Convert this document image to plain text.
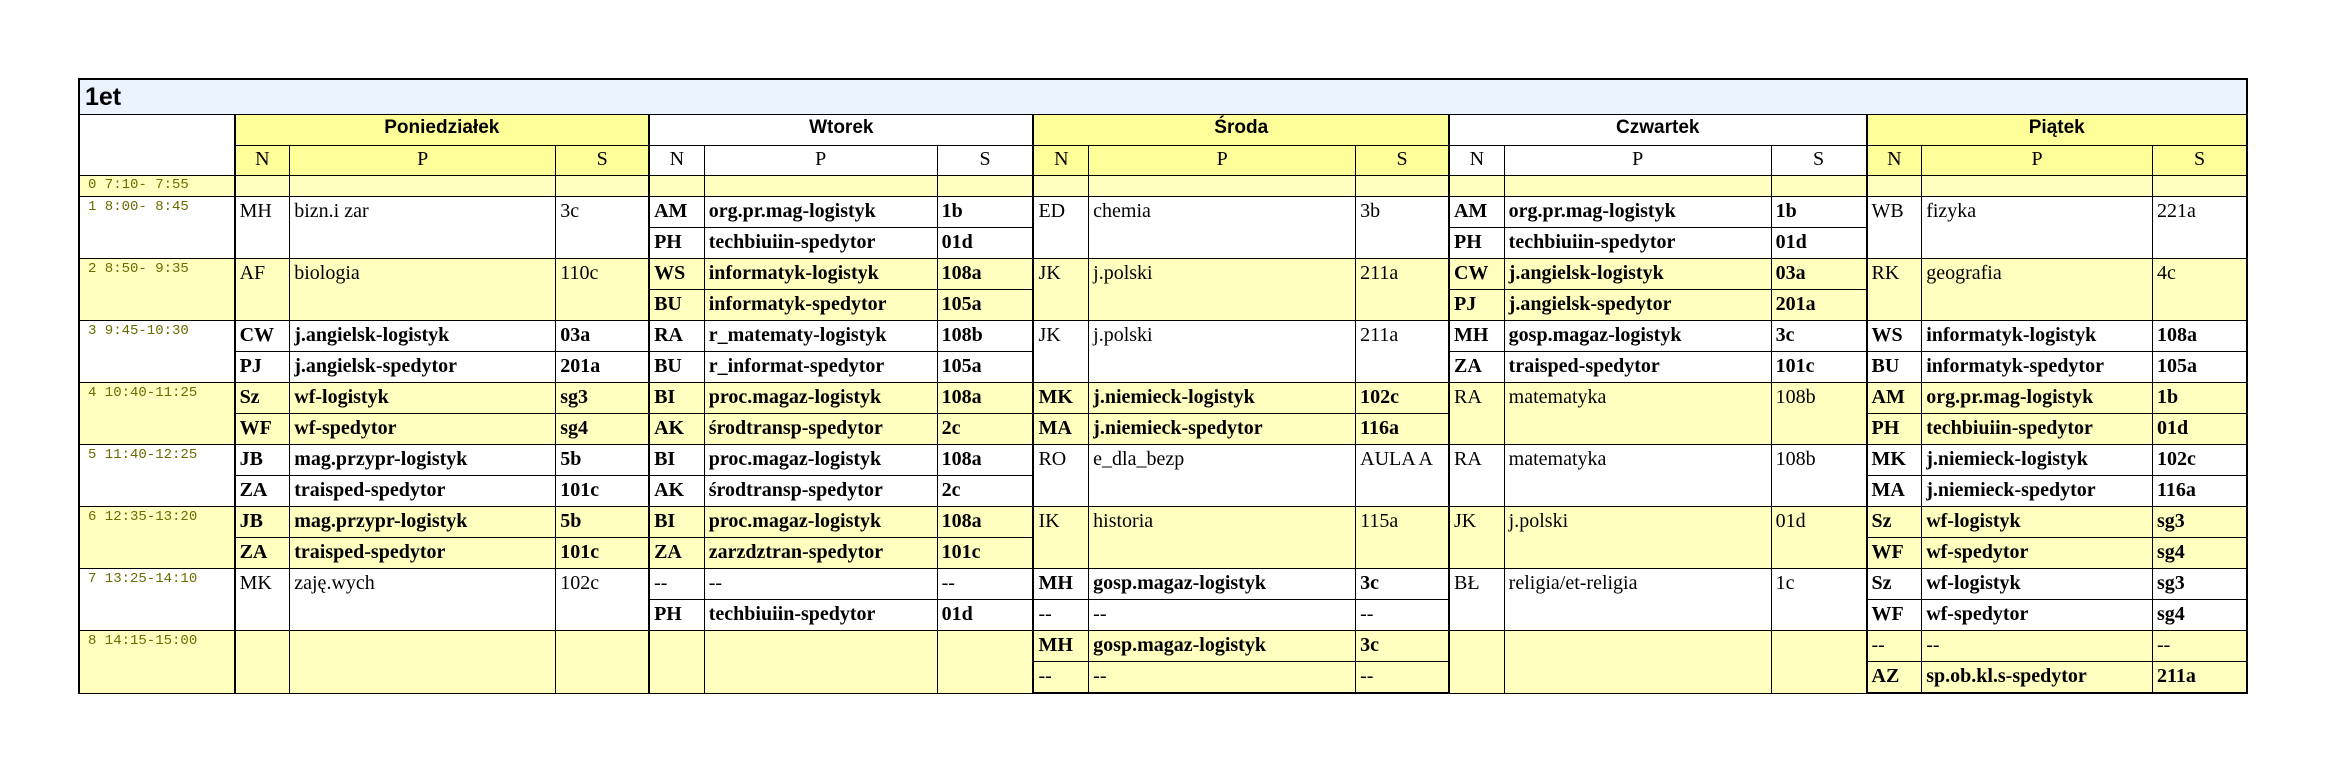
1et
	Poniedziałek			Wtorek			Środa			Czwartek			Piątek		
	N	P	S	N	P	S	N	P	S	N	P	S	N	P	S
0 7:10- 7:55															
1 8:00- 8:45	MH	bizn.i zar	3c	AM	org.pr.mag-logistyk	1b	ED	chemia	3b	AM	org.pr.mag-logistyk	1b	WB	fizyka	221a
				PH	techbiuiin-spedytor	01d				PH	techbiuiin-spedytor	01d			
2 8:50- 9:35	AF	biologia	110c	WS	informatyk-logistyk	108a	JK	j.polski	211a	CW	j.angielsk-logistyk	03a	RK	geografia	4c
				BU	informatyk-spedytor	105a				PJ	j.angielsk-spedytor	201a			
3 9:45-10:30	CW	j.angielsk-logistyk	03a	RA	r_matematy-logistyk	108b	JK	j.polski	211a	MH	gosp.magaz-logistyk	3c	WS	informatyk-logistyk	108a
	PJ	j.angielsk-spedytor	201a	BU	r_informat-spedytor	105a				ZA	traisped-spedytor	101c	BU	informatyk-spedytor	105a
4 10:40-11:25	Sz	wf-logistyk	sg3	BI	proc.magaz-logistyk	108a	MK	j.niemieck-logistyk	102c	RA	matematyka	108b	AM	org.pr.mag-logistyk	1b
	WF	wf-spedytor	sg4	AK	środtransp-spedytor	2c	MA	j.niemieck-spedytor	116a				PH	techbiuiin-spedytor	01d
5 11:40-12:25	JB	mag.przypr-logistyk	5b	BI	proc.magaz-logistyk	108a	RO	e_dla_bezp	AULA A	RA	matematyka	108b	MK	j.niemieck-logistyk	102c
	ZA	traisped-spedytor	101c	AK	środtransp-spedytor	2c							MA	j.niemieck-spedytor	116a
6 12:35-13:20	JB	mag.przypr-logistyk	5b	BI	proc.magaz-logistyk	108a	IK	historia	115a	JK	j.polski	01d	Sz	wf-logistyk	sg3
	ZA	traisped-spedytor	101c	ZA	zarzdztran-spedytor	101c							WF	wf-spedytor	sg4
7 13:25-14:10	MK	zaję.wych	102c	--	--	--	MH	gosp.magaz-logistyk	3c	BŁ	religia/et-religia	1c	Sz	wf-logistyk	sg3
				PH	techbiuiin-spedytor	01d	--	--	--				WF	wf-spedytor	sg4
8 14:15-15:00							MH	gosp.magaz-logistyk	3c				--	--	--
							--	--	--				AZ	sp.ob.kl.s-spedytor	211a
